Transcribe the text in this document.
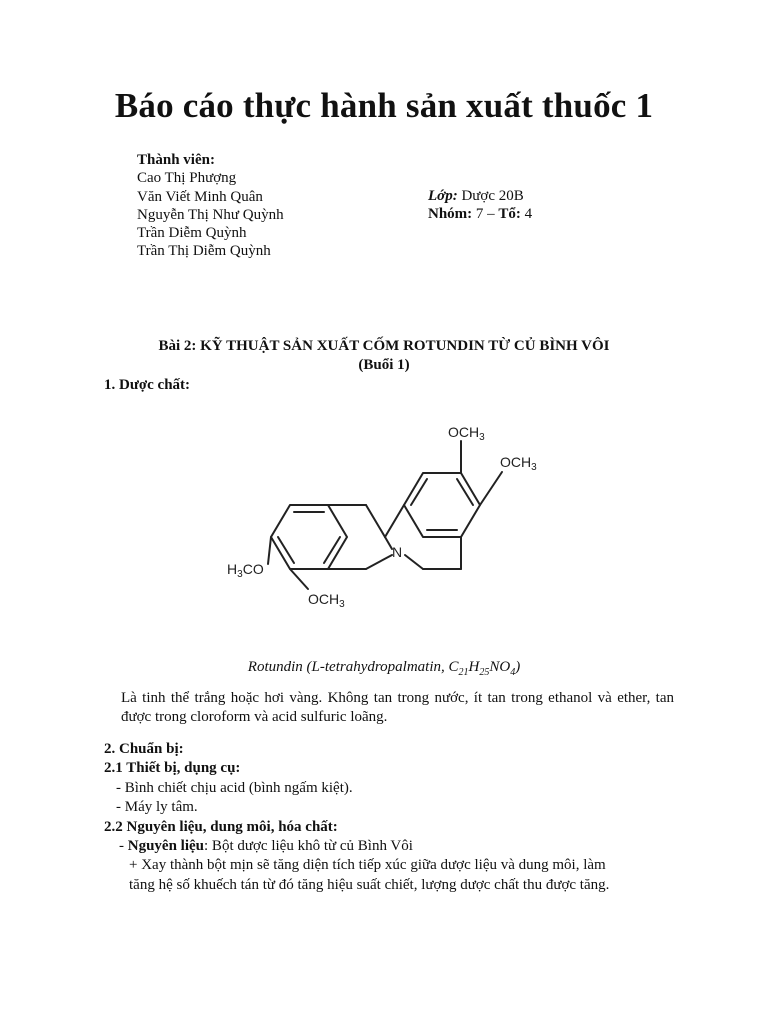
Báo cáo thực hành sản xuất thuốc 1
Thành viên:
Cao Thị Phượng
Văn Viết Minh Quân
Nguyễn Thị Như Quỳnh
Trần Diễm Quỳnh
Trần Thị Diễm Quỳnh
Lớp: Dược 20B
Nhóm: 7 – Tổ: 4
Bài 2: KỸ THUẬT SẢN XUẤT CỐM ROTUNDIN TỪ CỦ BÌNH VÔI
(Buổi 1)
1. Dược chất:
$OCH_3$
$OCH_3$
$H_3CO$
$OCH_3$
N
Rotundin (L-tetrahydropalmatin, $C_{21}H_{25}NO_4$)

Là tinh thể trắng hoặc hơi vàng. Không tan trong nước, ít tan trong ethanol và ether, tan được trong cloroform và acid sulfuric loãng.

2. Chuẩn bị:
2.1 Thiết bị, dụng cụ:
- Bình chiết chịu acid (bình ngấm kiệt).
- Máy ly tâm.
2.2 Nguyên liệu, dung môi, hóa chất:
- Nguyên liệu: Bột dược liệu khô từ củ Bình Vôi
+ Xay thành bột mịn sẽ tăng diện tích tiếp xúc giữa dược liệu và dung môi, làm
tăng hệ số khuếch tán từ đó tăng hiệu suất chiết, lượng dược chất thu được tăng.
